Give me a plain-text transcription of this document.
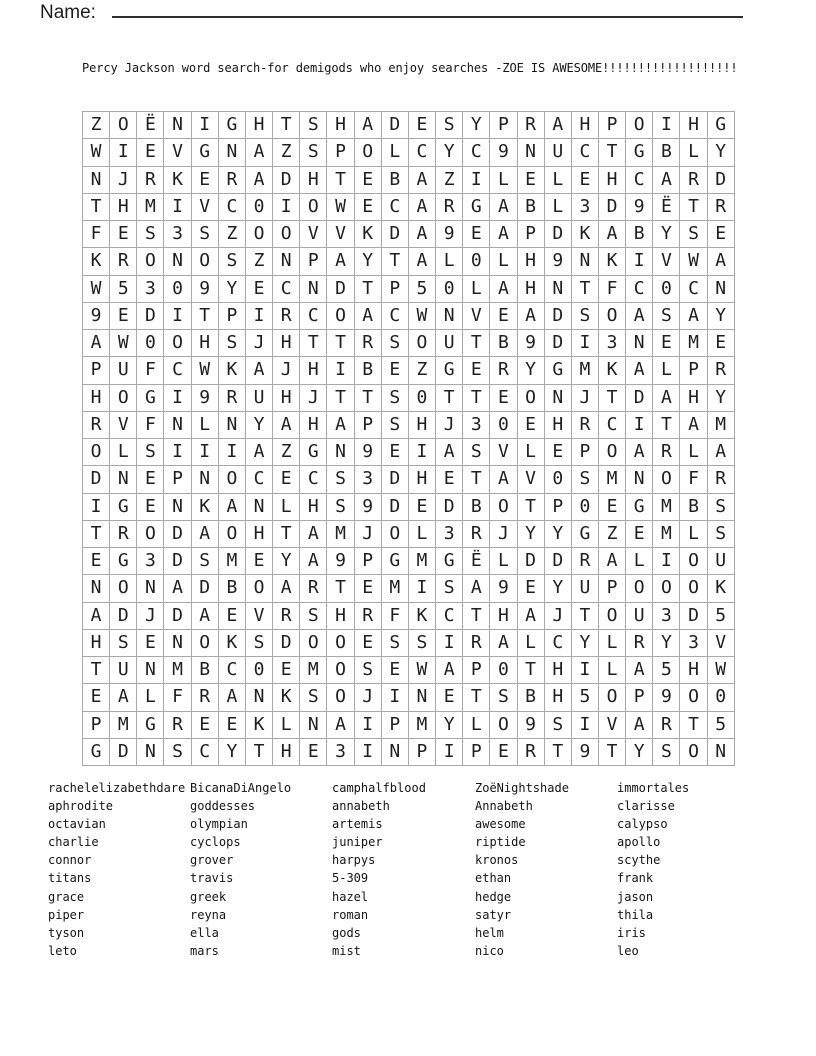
Name:
Percy Jackson word search-for demigods who enjoy searches -ZOE IS AWESOME!!!!!!!!!!!!!!!!!!!
Z O Ë N I G H T S H A D E S Y P R A H P O I H G
W I E V G N A Z S P O L C Y C 9 N U C T G B L Y
N J R K E R A D H T E B A Z I L E L E H C A R D
T H M I V C 0 I O W E C A R G A B L 3 D 9 Ë T R
F E S 3 S Z O O V V K D A 9 E A P D K A B Y S E
K R O N O S Z N P A Y T A L 0 L H 9 N K I V W A
W 5 3 0 9 Y E C N D T P 5 0 L A H N T F C 0 C N
9 E D I T P I R C O A C W N V E A D S O A S A Y
A W 0 O H S J H T T R S O U T B 9 D I 3 N E M E
P U F C W K A J H I B E Z G E R Y G M K A L P R
H O G I 9 R U H J T T S 0 T T E O N J T D A H Y
R V F N L N Y A H A P S H J 3 0 E H R C I T A M
O L S I I I A Z G N 9 E I A S V L E P O A R L A
D N E P N O C E C S 3 D H E T A V 0 S M N O F R
I G E N K A N L H S 9 D E D B O T P 0 E G M B S
T R O D A O H T A M J O L 3 R J Y Y G Z E M L S
E G 3 D S M E Y A 9 P G M G Ë L D D R A L I O U
N O N A D B O A R T E M I S A 9 E Y U P O O O K
A D J D A E V R S H R F K C T H A J T O U 3 D 5
H S E N O K S D O O E S S I R A L C Y L R Y 3 V
T U N M B C 0 E M O S E W A P 0 T H I L A 5 H W
E A L F R A N K S O J I N E T S B H 5 O P 9 O 0
P M G R E E K L N A I P M Y L O 9 S I V A R T 5
G D N S C Y T H E 3 I N P I P E R T 9 T Y S O N
rachelelizabethdare
aphrodite
octavian
charlie
connor
titans
grace
piper
tyson
leto
BicanaDiAngelo
goddesses
olympian
cyclops
grover
travis
greek
reyna
ella
mars
camphalfblood
annabeth
artemis
juniper
harpys
5-309
hazel
roman
gods
mist
ZoëNightshade
Annabeth
awesome
riptide
kronos
ethan
hedge
satyr
helm
nico
immortales
clarisse
calypso
apollo
scythe
frank
jason
thila
iris
leo
